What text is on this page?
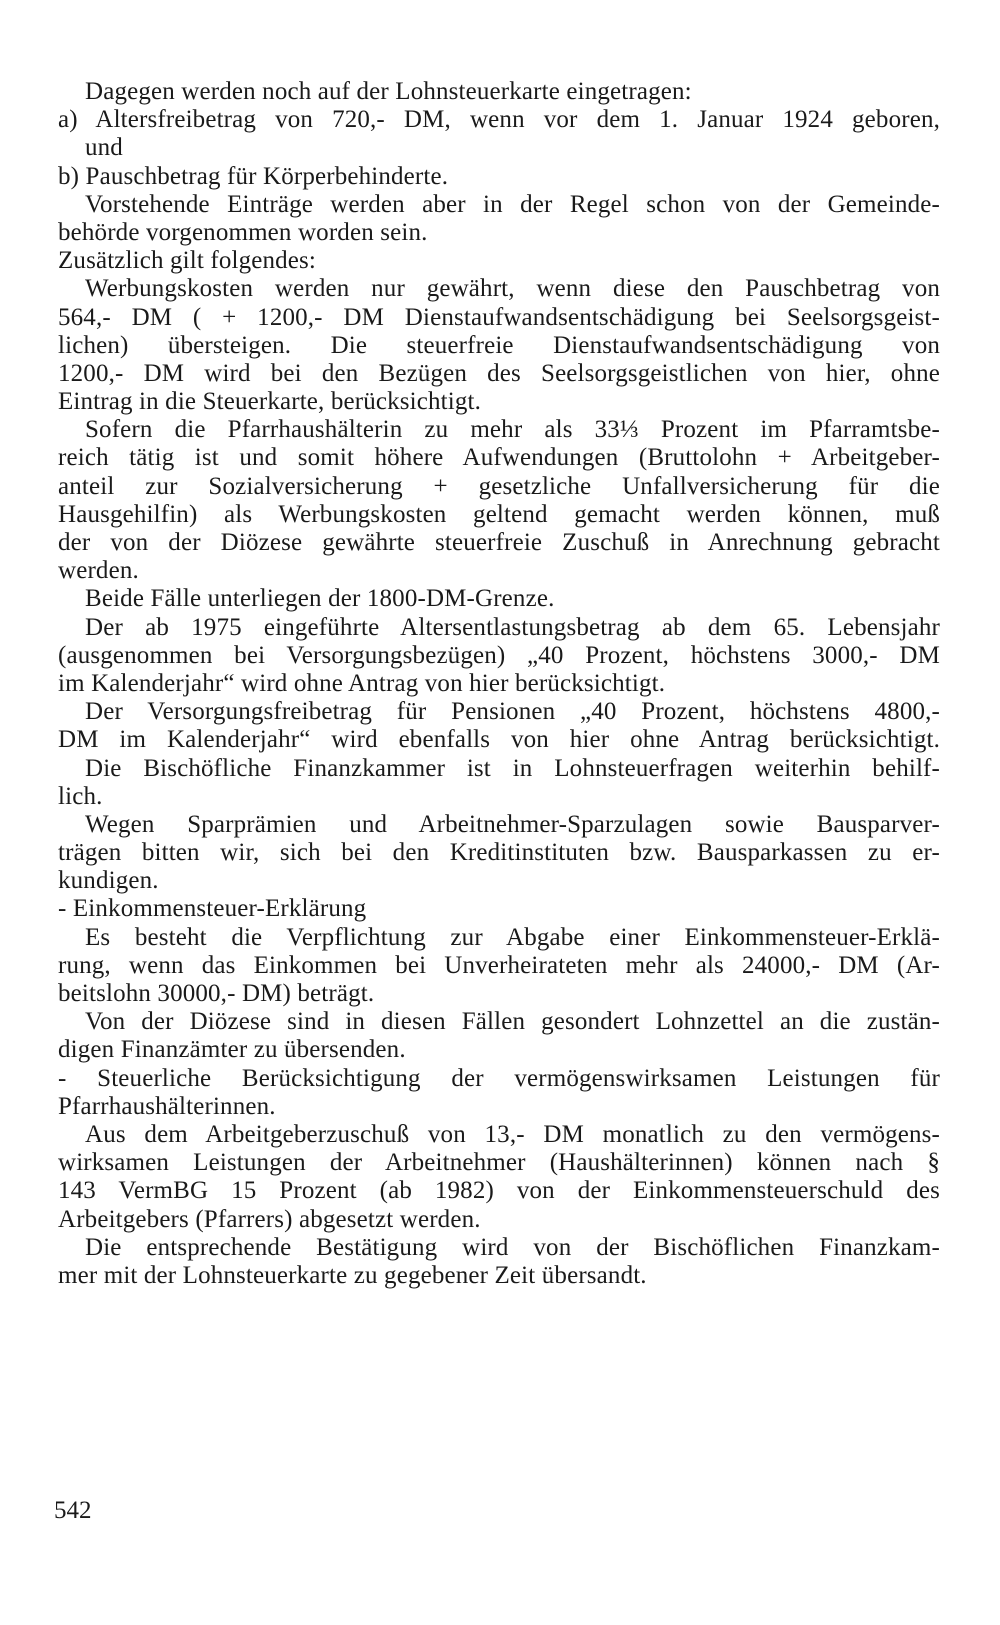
Dagegen werden noch auf der Lohnsteuerkarte eingetragen:
a) Altersfreibetrag von 720,- DM, wenn vor dem 1. Januar 1924 geboren,
und
b) Pauschbetrag für Körperbehinderte.
Vorstehende Einträge werden aber in der Regel schon von der Gemeinde-
behörde vorgenommen worden sein.
Zusätzlich gilt folgendes:
Werbungskosten werden nur gewährt, wenn diese den Pauschbetrag von
564,- DM ( + 1200,- DM Dienstaufwandsentschädigung bei Seelsorgsgeist-
lichen) übersteigen. Die steuerfreie Dienstaufwandsentschädigung von
1200,- DM wird bei den Bezügen des Seelsorgsgeistlichen von hier, ohne
Eintrag in die Steuerkarte, berücksichtigt.
Sofern die Pfarrhaushälterin zu mehr als 33⅓ Prozent im Pfarramtsbe-
reich tätig ist und somit höhere Aufwendungen (Bruttolohn + Arbeitgeber-
anteil zur Sozialversicherung + gesetzliche Unfallversicherung für die
Hausgehilfin) als Werbungskosten geltend gemacht werden können, muß
der von der Diözese gewährte steuerfreie Zuschuß in Anrechnung gebracht
werden.
Beide Fälle unterliegen der 1800-DM-Grenze.
Der ab 1975 eingeführte Altersentlastungsbetrag ab dem 65. Lebensjahr
(ausgenommen bei Versorgungsbezügen) „40 Prozent, höchstens 3000,- DM
im Kalenderjahr“ wird ohne Antrag von hier berücksichtigt.
Der Versorgungsfreibetrag für Pensionen „40 Prozent, höchstens 4800,-
DM im Kalenderjahr“ wird ebenfalls von hier ohne Antrag berücksichtigt.
Die Bischöfliche Finanzkammer ist in Lohnsteuerfragen weiterhin behilf-
lich.
Wegen Sparprämien und Arbeitnehmer-Sparzulagen sowie Bausparver-
trägen bitten wir, sich bei den Kreditinstituten bzw. Bausparkassen zu er-
kundigen.
- Einkommensteuer-Erklärung
Es besteht die Verpflichtung zur Abgabe einer Einkommensteuer-Erklä-
rung, wenn das Einkommen bei Unverheirateten mehr als 24000,- DM (Ar-
beitslohn 30000,- DM) beträgt.
Von der Diözese sind in diesen Fällen gesondert Lohnzettel an die zustän-
digen Finanzämter zu übersenden.
- Steuerliche Berücksichtigung der vermögenswirksamen Leistungen für
Pfarrhaushälterinnen.
Aus dem Arbeitgeberzuschuß von 13,- DM monatlich zu den vermögens-
wirksamen Leistungen der Arbeitnehmer (Haushälterinnen) können nach §
143 VermBG 15 Prozent (ab 1982) von der Einkommensteuerschuld des
Arbeitgebers (Pfarrers) abgesetzt werden.
Die entsprechende Bestätigung wird von der Bischöflichen Finanzkam-
mer mit der Lohnsteuerkarte zu gegebener Zeit übersandt.
542
